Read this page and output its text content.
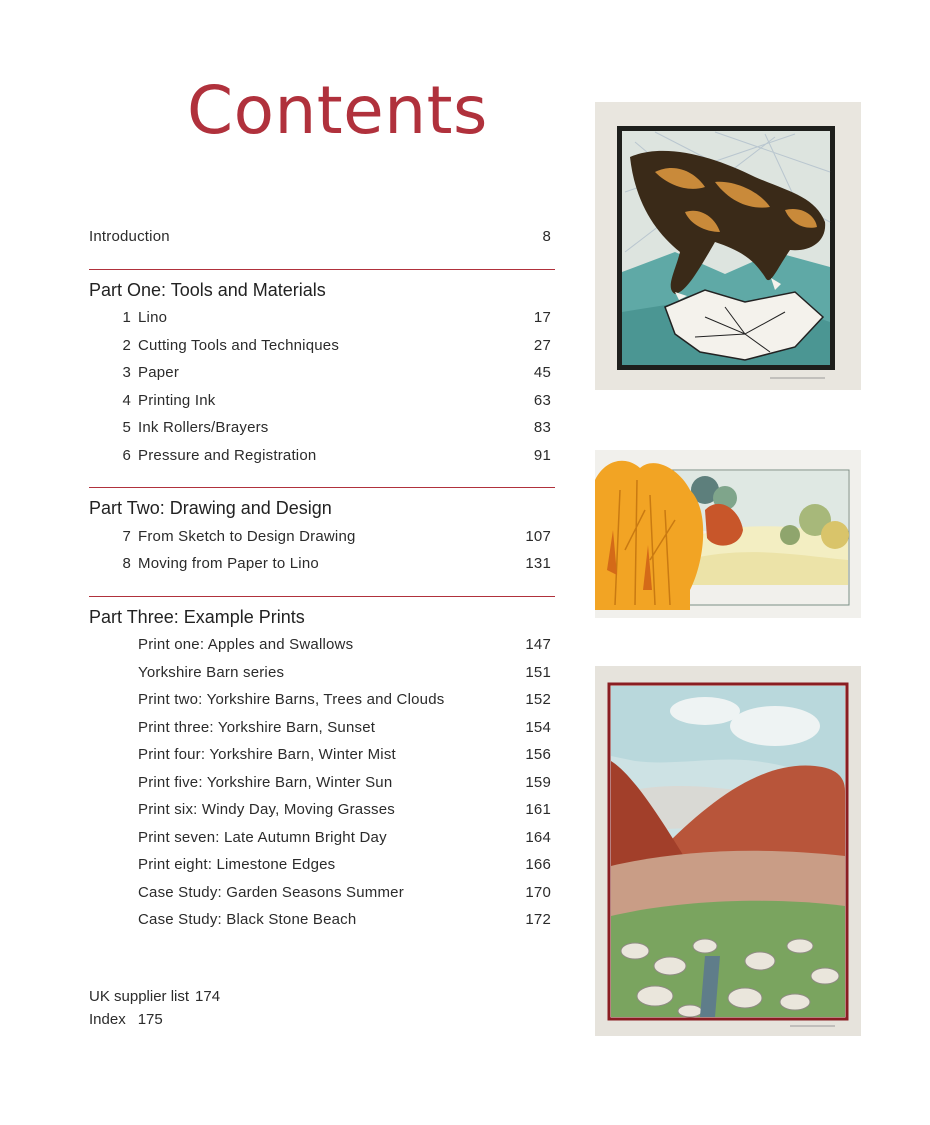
Contents
Introduction	8
Part One: Tools and Materials
1 Lino	17
2 Cutting Tools and Techniques	27
3 Paper	45
4 Printing Ink	63
5 Ink Rollers/Brayers	83
6 Pressure and Registration	91
Part Two: Drawing and Design
7 From Sketch to Design Drawing	107
8 Moving from Paper to Lino	131
Part Three: Example Prints
Print one: Apples and Swallows	147
Yorkshire Barn series	151
Print two: Yorkshire Barns, Trees and Clouds	152
Print three: Yorkshire Barn, Sunset	154
Print four: Yorkshire Barn, Winter Mist	156
Print five: Yorkshire Barn, Winter Sun	159
Print six: Windy Day, Moving Grasses	161
Print seven: Late Autumn Bright Day	164
Print eight: Limestone Edges	166
Case Study: Garden Seasons Summer	170
Case Study: Black Stone Beach	172
UK supplier list 174
Index 175
